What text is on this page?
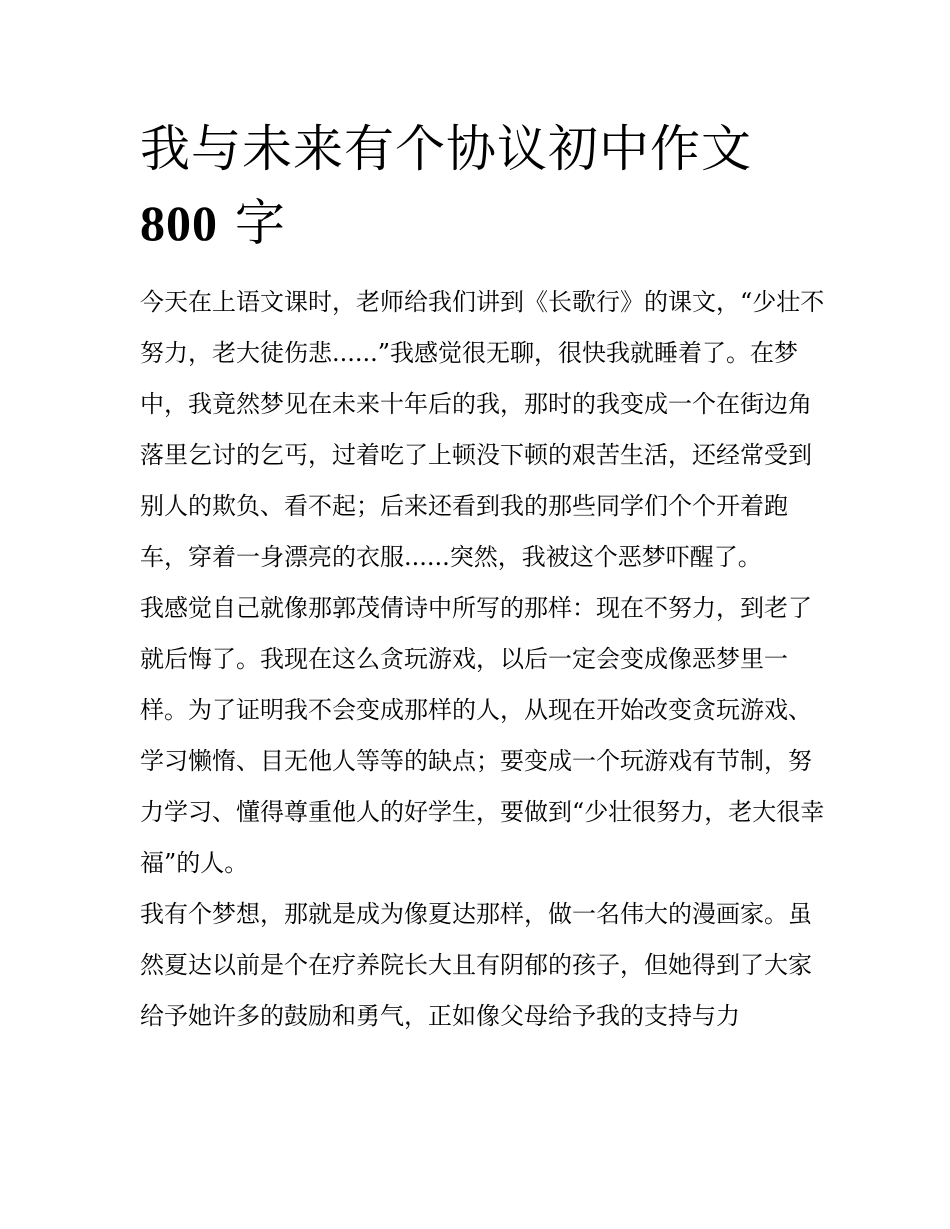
我与未来有个协议初中作文
800 字

今天在上语文课时，老师给我们讲到《长歌行》的课文，“少壮不努力，老大徒伤悲......”我感觉很无聊，很快我就睡着了。在梦中，我竟然梦见在未来十年后的我，那时的我变成一个在街边角落里乞讨的乞丐，过着吃了上顿没下顿的艰苦生活，还经常受到别人的欺负、看不起；后来还看到我的那些同学们个个开着跑车，穿着一身漂亮的衣服......突然，我被这个恶梦吓醒了。

我感觉自己就像那郭茂倩诗中所写的那样：现在不努力，到老了就后悔了。我现在这么贪玩游戏，以后一定会变成像恶梦里一样。为了证明我不会变成那样的人，从现在开始改变贪玩游戏、学习懒惰、目无他人等等的缺点；要变成一个玩游戏有节制，努力学习、懂得尊重他人的好学生，要做到“少壮很努力，老大很幸福”的人。

我有个梦想，那就是成为像夏达那样，做一名伟大的漫画家。虽然夏达以前是个在疗养院长大且有阴郁的孩子，但她得到了大家给予她许多的鼓励和勇气，正如像父母给予我的支持与力
